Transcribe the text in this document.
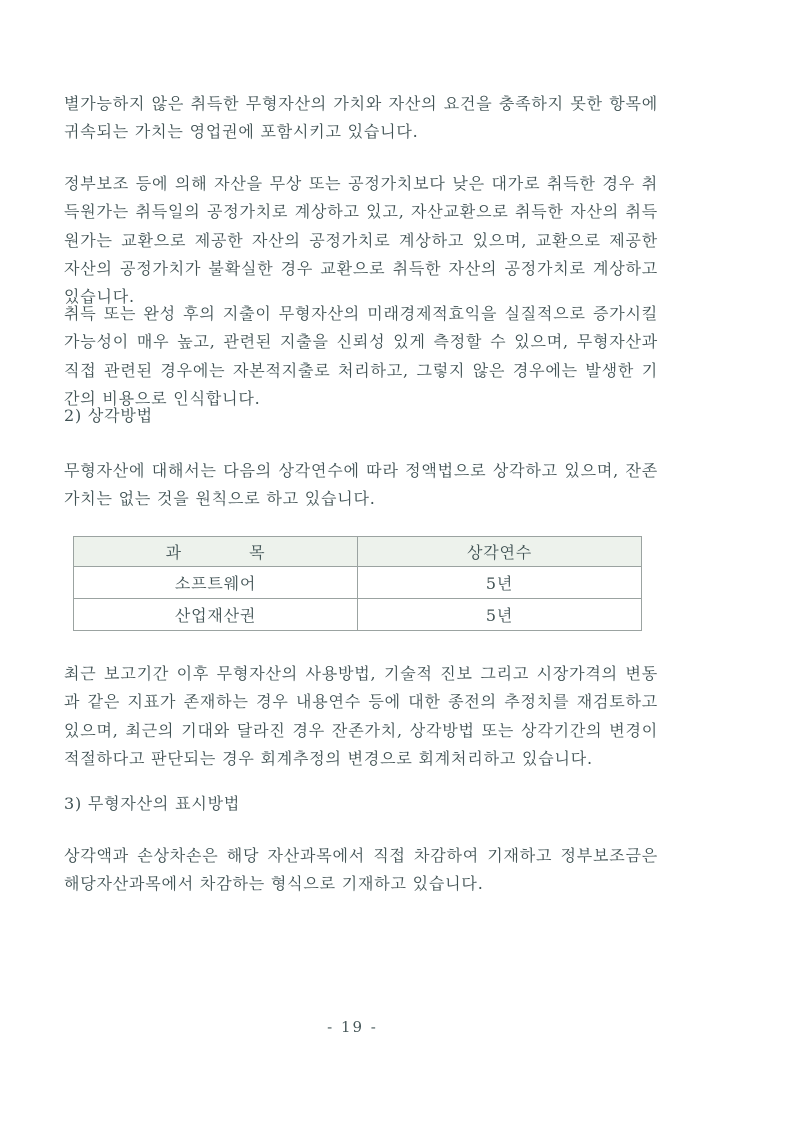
별가능하지 않은 취득한 무형자산의 가치와 자산의 요건을 충족하지 못한 항목에 귀속되는 가치는 영업권에 포함시키고 있습니다.

정부보조 등에 의해 자산을 무상 또는 공정가치보다 낮은 대가로 취득한 경우 취득원가는 취득일의 공정가치로 계상하고 있고, 자산교환으로 취득한 자산의 취득원가는 교환으로 제공한 자산의 공정가치로 계상하고 있으며, 교환으로 제공한 자산의 공정가치가 불확실한 경우 교환으로 취득한 자산의 공정가치로 계상하고 있습니다.

취득 또는 완성 후의 지출이 무형자산의 미래경제적효익을 실질적으로 증가시킬 가능성이 매우 높고, 관련된 지출을 신뢰성 있게 측정할 수 있으며, 무형자산과 직접 관련된 경우에는 자본적지출로 처리하고, 그렇지 않은 경우에는 발생한 기간의 비용으로 인식합니다.

2) 상각방법

무형자산에 대해서는 다음의 상각연수에 따라 정액법으로 상각하고 있으며, 잔존가치는 없는 것을 원칙으로 하고 있습니다.

과    목	상각연수
소프트웨어	5년
산업재산권	5년

최근 보고기간 이후 무형자산의 사용방법, 기술적 진보 그리고 시장가격의 변동과 같은 지표가 존재하는 경우 내용연수 등에 대한 종전의 추정치를 재검토하고 있으며, 최근의 기대와 달라진 경우 잔존가치, 상각방법 또는 상각기간의 변경이 적절하다고 판단되는 경우 회계추정의 변경으로 회계처리하고 있습니다.

3) 무형자산의 표시방법

상각액과 손상차손은 해당 자산과목에서 직접 차감하여 기재하고 정부보조금은 해당자산과목에서 차감하는 형식으로 기재하고 있습니다.

- 19 -
